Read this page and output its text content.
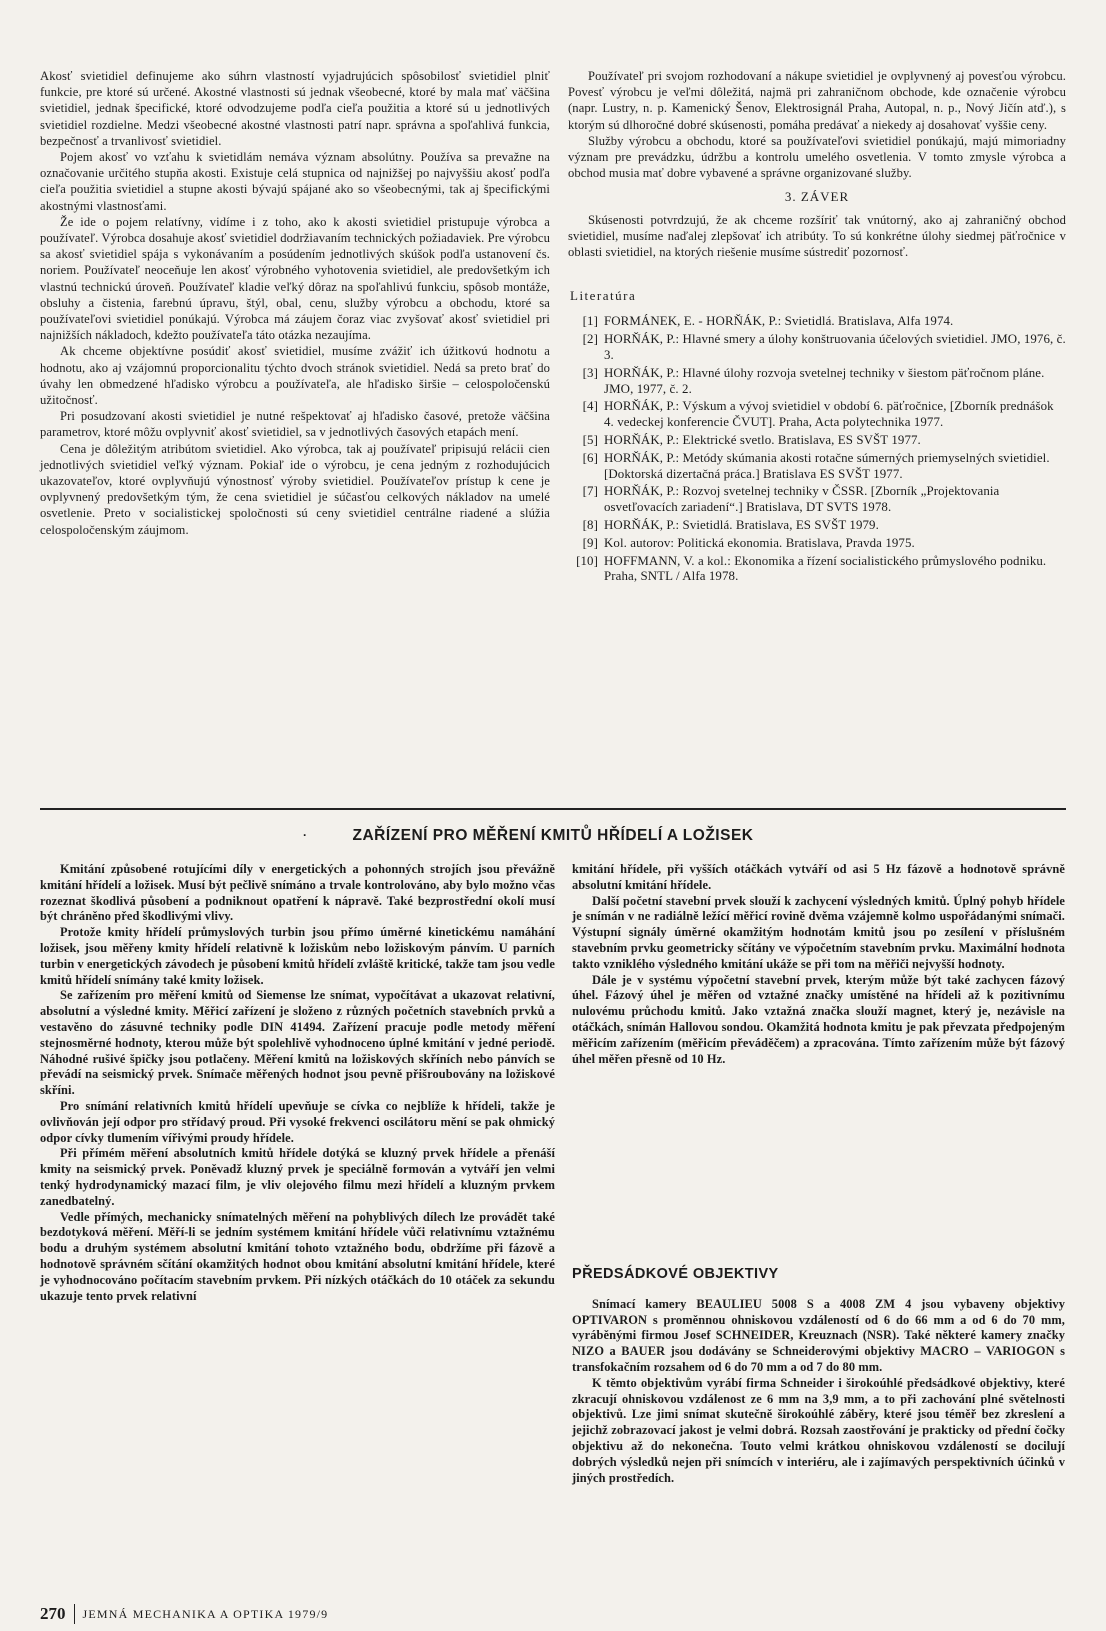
Akosť svietidiel definujeme ako súhrn vlastností vyjadrujúcich spôsobilosť svietidiel plniť funkcie, pre ktoré sú určené. Akostné vlastnosti sú jednak všeobecné, ktoré by mala mať väčšina svietidiel, jednak špecifické, ktoré odvodzujeme podľa cieľa použitia a ktoré sú u jednotlivých svietidiel rozdielne. Medzi všeobecné akostné vlastnosti patrí napr. správna a spoľahlivá funkcia, bezpečnosť a trvanlivosť svietidiel.

Pojem akosť vo vzťahu k svietidlám nemáva význam absolútny. Používa sa prevažne na označovanie určitého stupňa akosti. Existuje celá stupnica od najnižšej po najvyššiu akosť podľa cieľa použitia svietidiel a stupne akosti bývajú spájané ako so všeobecnými, tak aj špecifickými akostnými vlastnosťami.

Že ide o pojem relatívny, vidíme i z toho, ako k akosti svietidiel pristupuje výrobca a používateľ. Výrobca dosahuje akosť svietidiel dodržiavaním technických požiadaviek. Pre výrobcu sa akosť svietidiel spája s vykonávaním a posúdením jednotlivých skúšok podľa ustanovení čs. noriem. Používateľ neoceňuje len akosť výrobného vyhotovenia svietidiel, ale predovšetkým ich vlastnú technickú úroveň. Používateľ kladie veľký dôraz na spoľahlivú funkciu, spôsob montáže, obsluhy a čistenia, farebnú úpravu, štýl, obal, cenu, služby výrobcu a obchodu, ktoré sa používateľovi svietidiel ponúkajú. Výrobca má záujem čoraz viac zvyšovať akosť svietidiel pri najnižších nákladoch, kdežto používateľa táto otázka nezaujíma.

Ak chceme objektívne posúdiť akosť svietidiel, musíme zvážiť ich úžitkovú hodnotu a hodnotu, ako aj vzájomnú proporcionalitu týchto dvoch stránok svietidiel. Nedá sa preto brať do úvahy len obmedzené hľadisko výrobcu a používateľa, ale hľadisko širšie – celospoločenskú užitočnosť.

Pri posudzovaní akosti svietidiel je nutné rešpektovať aj hľadisko časové, pretože väčšina parametrov, ktoré môžu ovplyvniť akosť svietidiel, sa v jednotlivých časových etapách mení.

Cena je dôležitým atribútom svietidiel. Ako výrobca, tak aj používateľ pripisujú relácii cien jednotlivých svietidiel veľký význam. Pokiaľ ide o výrobcu, je cena jedným z rozhodujúcich ukazovateľov, ktoré ovplyvňujú výnostnosť výroby svietidiel. Používateľov prístup k cene je ovplyvnený predovšetkým tým, že cena svietidiel je súčasťou celkových nákladov na umelé osvetlenie. Preto v socialistickej spoločnosti sú ceny svietidiel centrálne riadené a slúžia celospoločenským záujmom.

Používateľ pri svojom rozhodovaní a nákupe svietidiel je ovplyvnený aj povesťou výrobcu. Povesť výrobcu je veľmi dôležitá, najmä pri zahraničnom obchode, kde označenie výrobcu (napr. Lustry, n. p. Kamenický Šenov, Elektrosignál Praha, Autopal, n. p., Nový Jičín atď.), s ktorým sú dlhoročné dobré skúsenosti, pomáha predávať a niekedy aj dosahovať vyššie ceny.

Služby výrobcu a obchodu, ktoré sa používateľovi svietidiel ponúkajú, majú mimoriadny význam pre prevádzku, údržbu a kontrolu umelého osvetlenia. V tomto zmysle výrobca a obchod musia mať dobre vybavené a správne organizované služby.

3. ZÁVER

Skúsenosti potvrdzujú, že ak chceme rozšíriť tak vnútorný, ako aj zahraničný obchod svietidiel, musíme naďalej zlepšovať ich atribúty. To sú konkrétne úlohy siedmej päťročnice v oblasti svietidiel, na ktorých riešenie musíme sústrediť pozornosť.

Literatúra
[1] FORMÁNEK, E. - HORŇÁK, P.: Svietidlá. Bratislava, Alfa 1974.
[2] HORŇÁK, P.: Hlavné smery a úlohy konštruovania účelových svietidiel. JMO, 1976, č. 3.
[3] HORŇÁK, P.: Hlavné úlohy rozvoja svetelnej techniky v šiestom päťročnom pláne. JMO, 1977, č. 2.
[4] HORŇÁK, P.: Výskum a vývoj svietidiel v období 6. päťročnice, [Zborník prednášok 4. vedeckej konferencie ČVUT]. Praha, Acta polytechnika 1977.
[5] HORŇÁK, P.: Elektrické svetlo. Bratislava, ES SVŠT 1977.
[6] HORŇÁK, P.: Metódy skúmania akosti rotačne súmerných priemyselných svietidiel. [Doktorská dizertačná práca.] Bratislava ES SVŠT 1977.
[7] HORŇÁK, P.: Rozvoj svetelnej techniky v ČSSR. [Zborník „Projektovania osvetľovacích zariadení“.] Bratislava, DT SVTS 1978.
[8] HORŇÁK, P.: Svietidlá. Bratislava, ES SVŠT 1979.
[9] Kol. autorov: Politická ekonomia. Bratislava, Pravda 1975.
[10] HOFFMANN, V. a kol.: Ekonomika a řízení socialistického průmyslového podniku. Praha, SNTL / Alfa 1978.
.	ZAŘÍZENÍ PRO MĚŘENÍ KMITŮ HŘÍDELÍ A LOŽISEK

Kmitání způsobené rotujícími díly v energetických a pohonných strojích jsou převážně kmitání hřídelí a ložisek. Musí být pečlivě snímáno a trvale kontrolováno, aby bylo možno včas rozeznat škodlivá působení a podniknout opatření k nápravě. Také bezprostřední okolí musí být chráněno před škodlivými vlivy.

Protože kmity hřídelí průmyslových turbin jsou přímo úměrné kinetickému namáhání ložisek, jsou měřeny kmity hřídelí relativně k ložiskům nebo ložiskovým pánvím. U parních turbin v energetických závodech je působení kmitů hřídelí zvláště kritické, takže tam jsou vedle kmitů hřídelí snímány také kmity ložisek.

Se zařízením pro měření kmitů od Siemense lze snímat, vypočítávat a ukazovat relativní, absolutní a výsledné kmity. Měřicí zařízení je složeno z různých početních stavebních prvků a vestavěno do zásuvné techniky podle DIN 41494. Zařízení pracuje podle metody měření stejnosměrné hodnoty, kterou může být spolehlivě vyhodnoceno úplné kmitání v jedné periodě. Náhodné rušivé špičky jsou potlačeny. Měření kmitů na ložiskových skříních nebo pánvích se převádí na seismický prvek. Snímače měřených hodnot jsou pevně přišroubovány na ložiskové skříni.

Pro snímání relativních kmitů hřídelí upevňuje se cívka co nejblíže k hřídeli, takže je ovlivňován její odpor pro střídavý proud. Při vysoké frekvenci oscilátoru mění se pak ohmický odpor cívky tlumením vířivými proudy hřídele.

Při přímém měření absolutních kmitů hřídele dotýká se kluzný prvek hřídele a přenáší kmity na seismický prvek. Poněvadž kluzný prvek je speciálně formován a vytváří jen velmi tenký hydrodynamický mazací film, je vliv olejového filmu mezi hřídelí a kluzným prvkem zanedbatelný.

Vedle přímých, mechanicky snímatelných měření na pohyblivých dílech lze provádět také bezdotyková měření. Měří-li se jedním systémem kmitání hřídele vůči relativnímu vztažnému bodu a druhým systémem absolutní kmitání tohoto vztažného bodu, obdržíme při fázově a hodnotově správném sčítání okamžitých hodnot obou kmitání absolutní kmitání hřídele, které je vyhodnocováno počítacím stavebním prvkem. Při nízkých otáčkách do 10 otáček za sekundu ukazuje tento prvek relativní

kmitání hřídele, při vyšších otáčkách vytváří od asi 5 Hz fázově a hodnotově správně absolutní kmitání hřídele.

Další početní stavební prvek slouží k zachycení výsledných kmitů. Úplný pohyb hřídele je snímán v ne radiálně ležící měřicí rovině dvěma vzájemně kolmo uspořádanými snímači. Výstupní signály úměrné okamžitým hodnotám kmitů jsou po zesílení v příslušném stavebním prvku geometricky sčítány ve výpočetním stavebním prvku. Maximální hodnota takto vzniklého výsledného kmitání ukáže se při tom na měřiči nejvyšší hodnoty.

Dále je v systému výpočetní stavební prvek, kterým může být také zachycen fázový úhel. Fázový úhel je měřen od vztažné značky umístěné na hřídeli až k pozitivnímu nulovému průchodu kmitů. Jako vztažná značka slouží magnet, který je, nezávisle na otáčkách, snímán Hallovou sondou. Okamžitá hodnota kmitu je pak převzata předpojeným měřicím zařízením (měřicím převáděčem) a zpracována. Tímto zařízením může být fázový úhel měřen přesně od 10 Hz.

PŘEDSÁDKOVÉ OBJEKTIVY

Snímací kamery BEAULIEU 5008 S a 4008 ZM 4 jsou vybaveny objektivy OPTIVARON s proměnnou ohniskovou vzdáleností od 6 do 66 mm a od 6 do 70 mm, vyráběnými firmou Josef SCHNEIDER, Kreuznach (NSR). Také některé kamery značky NIZO a BAUER jsou dodávány se Schneiderovými objektivy MACRO – VARIOGON s transfokačním rozsahem od 6 do 70 mm a od 7 do 80 mm.

K těmto objektivům vyrábí firma Schneider i širokoúhlé předsádkové objektivy, které zkracují ohniskovou vzdálenost ze 6 mm na 3,9 mm, a to při zachování plné světelnosti objektivů. Lze jimi snímat skutečně širokoúhlé záběry, které jsou téměř bez zkreslení a jejichž zobrazovací jakost je velmi dobrá. Rozsah zaostřování je prakticky od přední čočky objektivu až do nekonečna. Touto velmi krátkou ohniskovou vzdáleností se docilují dobrých výsledků nejen při snímcích v interiéru, ale i zajímavých perspektivních účinků v jiných prostředích.

270 JEMNÁ MECHANIKA A OPTIKA 1979/9
